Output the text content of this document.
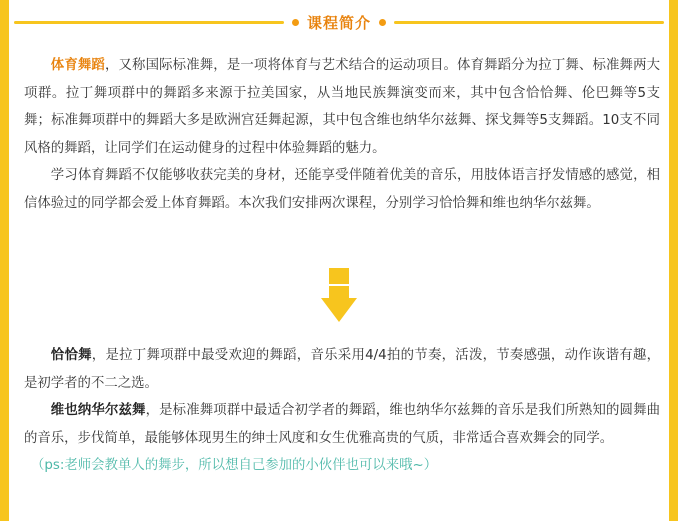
课程简介

体育舞蹈，又称国际标准舞，是一项将体育与艺术结合的运动项目。体育舞蹈分为拉丁舞、标准舞两大项群。拉丁舞项群中的舞蹈多来源于拉美国家，从当地民族舞演变而来，其中包含恰恰舞、伦巴舞等5支舞；标准舞项群中的舞蹈大多是欧洲宫廷舞起源，其中包含维也纳华尔兹舞、探戈舞等5支舞蹈。10支不同风格的舞蹈，让同学们在运动健身的过程中体验舞蹈的魅力。

学习体育舞蹈不仅能够收获完美的身材，还能享受伴随着优美的音乐，用肢体语言抒发情感的感觉，相信体验过的同学都会爱上体育舞蹈。本次我们安排两次课程，分别学习恰恰舞和维也纳华尔兹舞。

恰恰舞，是拉丁舞项群中最受欢迎的舞蹈，音乐采用4/4拍的节奏，活泼，节奏感强，动作诙谐有趣，是初学者的不二之选。

维也纳华尔兹舞，是标准舞项群中最适合初学者的舞蹈，维也纳华尔兹舞的音乐是我们所熟知的圆舞曲的音乐，步伐简单，最能够体现男生的绅士风度和女生优雅高贵的气质，非常适合喜欢舞会的同学。

（ps:老师会教单人的舞步，所以想自己参加的小伙伴也可以来哦~）
